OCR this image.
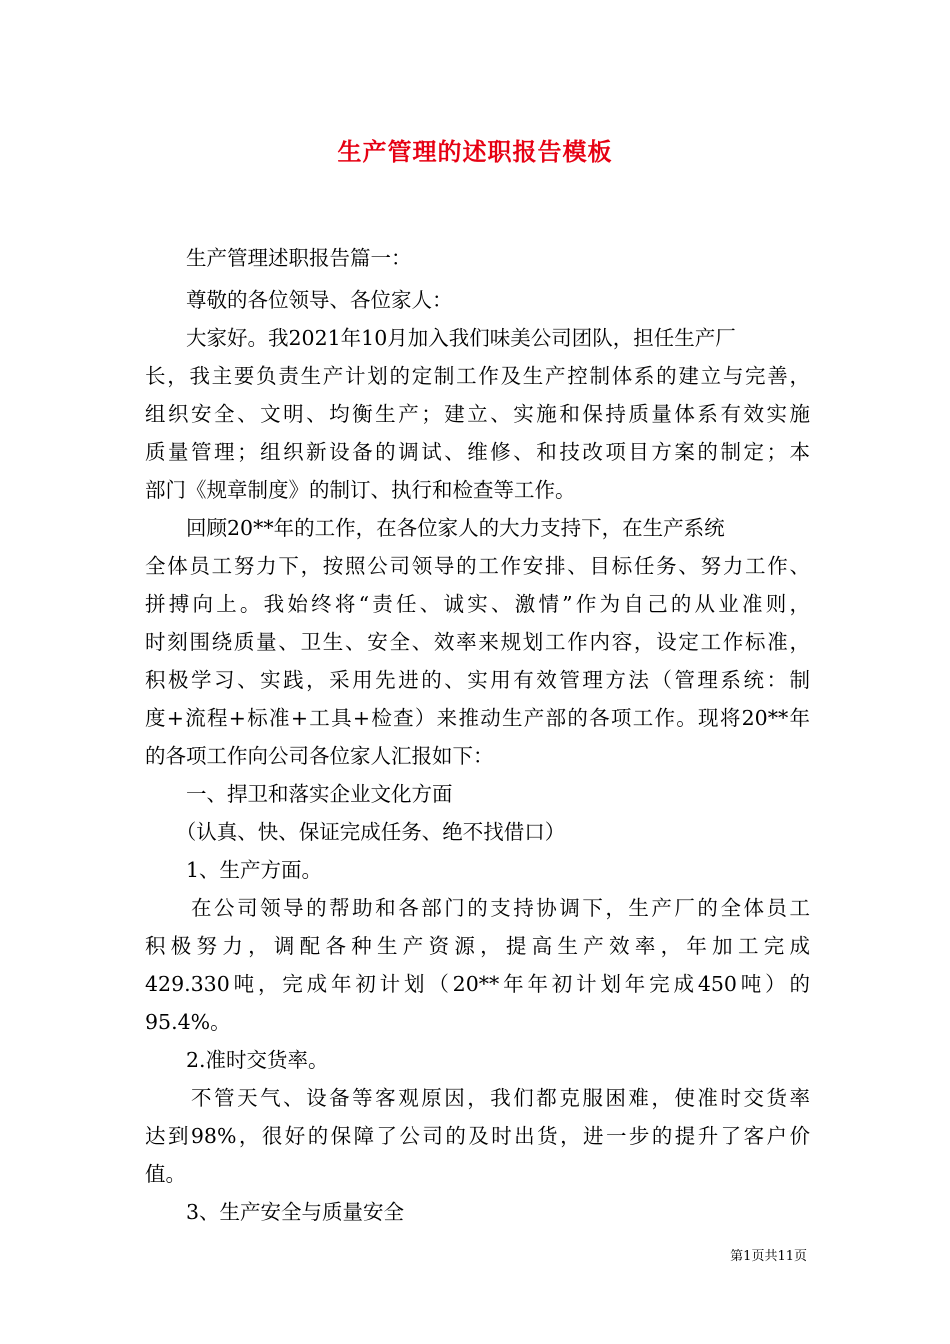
生产管理的述职报告模板
　　生产管理述职报告篇一：
　　尊敬的各位领导、各位家人：
　　大家好。我2021年10月加入我们味美公司团队，担任生产厂
长，我主要负责生产计划的定制工作及生产控制体系的建立与完善，
组织安全、文明、均衡生产；建立、实施和保持质量体系有效实施
质量管理；组织新设备的调试、维修、和技改项目方案的制定；本
部门《规章制度》的制订、执行和检查等工作。
　　回顾20**年的工作，在各位家人的大力支持下，在生产系统
全体员工努力下，按照公司领导的工作安排、目标任务、努力工作、
拼搏向上。我始终将“责任、诚实、激情”作为自己的从业准则，
时刻围绕质量、卫生、安全、效率来规划工作内容，设定工作标准，
积极学习、实践，采用先进的、实用有效管理方法（管理系统：制
度+流程+标准+工具+检查）来推动生产部的各项工作。现将20**年
的各项工作向公司各位家人汇报如下：
　　一、捍卫和落实企业文化方面
　　（认真、快、保证完成任务、绝不找借口）
　　1、生产方面。
　　在公司领导的帮助和各部门的支持协调下，生产厂的全体员工
积极努力，调配各种生产资源，提高生产效率，年加工完成
429.330吨，完成年初计划（20**年年初计划年完成450吨）的
95.4%。
　　2.准时交货率。
　　不管天气、设备等客观原因，我们都克服困难，使准时交货率
达到98%，很好的保障了公司的及时出货，进一步的提升了客户价
值。
　　3、生产安全与质量安全
第1页共11页
